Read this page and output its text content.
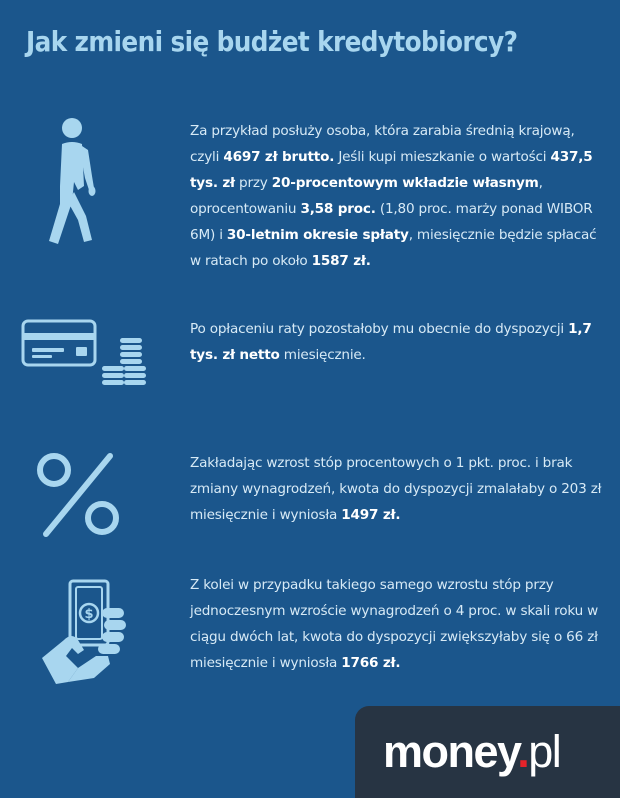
Jak zmieni się budżet kredytobiorcy?
Za przykład posłuży osoba, która zarabia średnią krajową, czyli 4697 zł brutto. Jeśli kupi mieszkanie o wartości 437,5 tys. zł przy 20-procentowym wkładzie własnym, oprocentowaniu 3,58 proc. (1,80 proc. marży ponad WIBOR 6M) i 30-letnim okresie spłaty, miesięcznie będzie spłacać w ratach po około 1587 zł.
Po opłaceniu raty pozostałoby mu obecnie do dyspozycji 1,7 tys. zł netto miesięcznie.
Zakładając wzrost stóp procentowych o 1 pkt. proc. i brak zmiany wynagrodzeń, kwota do dyspozycji zmalałaby o 203 zł miesięcznie i wyniosła 1497 zł.
$
Z kolei w przypadku takiego samego wzrostu stóp przy jednoczesnym wzroście wynagrodzeń o 4 proc. w skali roku w ciągu dwóch lat, kwota do dyspozycji zwiększyłaby się o 66 zł miesięcznie i wyniosła 1766 zł.
money.pl
